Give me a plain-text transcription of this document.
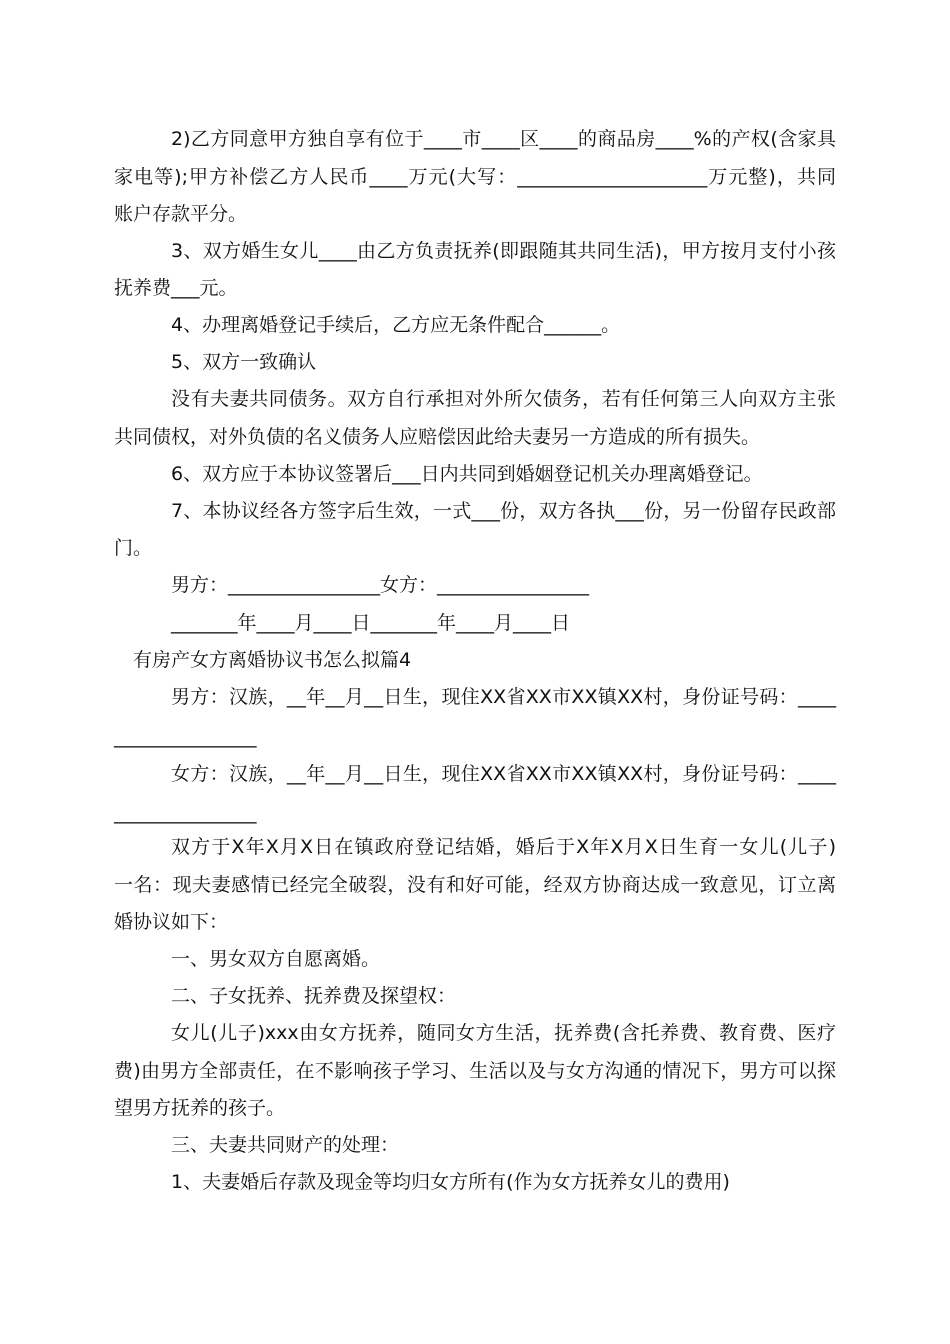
2)乙方同意甲方独自享有位于____市____区____的商品房____%的产权(含家具
家电等);甲方补偿乙方人民币____万元(大写：____________________万元整)，共同
账户存款平分。
3、双方婚生女儿____由乙方负责抚养(即跟随其共同生活)，甲方按月支付小孩
抚养费___元。
4、办理离婚登记手续后，乙方应无条件配合______。
5、双方一致确认
没有夫妻共同债务。双方自行承担对外所欠债务，若有任何第三人向双方主张
共同债权，对外负债的名义债务人应赔偿因此给夫妻另一方造成的所有损失。
6、双方应于本协议签署后___日内共同到婚姻登记机关办理离婚登记。
7、本协议经各方签字后生效，一式___份，双方各执___份，另一份留存民政部
门。
男方：________________女方：________________
_______年____月____日_______年____月____日
有房产女方离婚协议书怎么拟篇4
男方：汉族，__年__月__日生，现住XX省XX市XX镇XX村，身份证号码：____
_______________
女方：汉族，__年__月__日生，现住XX省XX市XX镇XX村，身份证号码：____
_______________
双方于X年X月X日在镇政府登记结婚，婚后于X年X月X日生育一女儿(儿子)
一名：现夫妻感情已经完全破裂，没有和好可能，经双方协商达成一致意见，订立离
婚协议如下：
一、男女双方自愿离婚。
二、子女抚养、抚养费及探望权：
女儿(儿子)xxx由女方抚养，随同女方生活，抚养费(含托养费、教育费、医疗
费)由男方全部责任，在不影响孩子学习、生活以及与女方沟通的情况下，男方可以探
望男方抚养的孩子。
三、夫妻共同财产的处理：
1、夫妻婚后存款及现金等均归女方所有(作为女方抚养女儿的费用)
